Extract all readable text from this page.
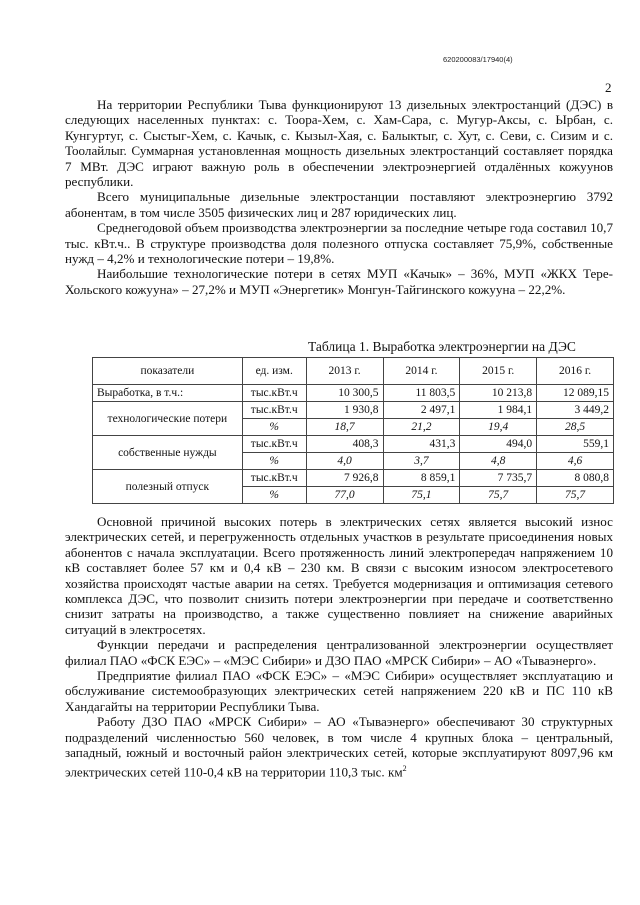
620200083/17940(4)
2

На территории Республики Тыва функционируют 13 дизельных электростанций (ДЭС) в следующих населенных пунктах: с. Тоора-Хем, с. Хам-Сара, с. Мугур-Аксы, с. Ырбан, с. Кунгуртуг, с. Сыстыг-Хем, с. Качык, с. Кызыл-Хая, с. Балыктыг, с. Хут, с. Севи, с. Сизим и с. Тоолайлыг. Суммарная установленная мощность дизельных электростанций составляет порядка 7 МВт. ДЭС играют важную роль в обеспечении электроэнергией отдалённых кожуунов республики.

Всего муниципальные дизельные электростанции поставляют электроэнергию 3792 абонентам, в том числе 3505 физических лиц и 287 юридических лиц.

Среднегодовой объем производства электроэнергии за последние четыре года составил 10,7 тыс. кВт.ч.. В структуре производства доля полезного отпуска составляет 75,9%, собственные нужд – 4,2% и технологические потери – 19,8%.

Наибольшие технологические потери в сетях МУП «Качык» – 36%, МУП «ЖКХ Тере-Хольского кожууна» – 27,2% и МУП «Энергетик» Монгун-Тайгинского кожууна – 22,2%.

Таблица 1. Выработка электроэнергии на ДЭС
показатели	ед. изм.	2013 г.	2014 г.	2015 г.	2016 г.
Выработка, в т.ч.:	тыс.кВт.ч	10 300,5	11 803,5	10 213,8	12 089,15
технологические потери	тыс.кВт.ч	1 930,8	2 497,1	1 984,1	3 449,2
	%	18,7	21,2	19,4	28,5
собственные нужды	тыс.кВт.ч	408,3	431,3	494,0	559,1
	%	4,0	3,7	4,8	4,6
полезный отпуск	тыс.кВт.ч	7 926,8	8 859,1	7 735,7	8 080,8
	%	77,0	75,1	75,7	75,7

Основной причиной высоких потерь в электрических сетях является высокий износ электрических сетей, и перегруженность отдельных участков в результате присоединения новых абонентов с начала эксплуатации. Всего протяженность линий электропередач напряжением 10 кВ составляет более 57 км и 0,4 кВ – 230 км. В связи с высоким износом электросетевого хозяйства происходят частые аварии на сетях. Требуется модернизация и оптимизация сетевого комплекса ДЭС, что позволит снизить потери электроэнергии при передаче и соответственно снизит затраты на производство, а также существенно повлияет на снижение аварийных ситуаций в электросетях.

Функции передачи и распределения централизованной электроэнергии осуществляет филиал ПАО «ФСК ЕЭС» – «МЭС Сибири» и ДЗО ПАО «МРСК Сибири» – АО «Тываэнерго».

Предприятие филиал ПАО «ФСК ЕЭС» – «МЭС Сибири» осуществляет эксплуатацию и обслуживание системообразующих электрических сетей напряжением 220 кВ и ПС 110 кВ Хандагайты на территории Республики Тыва.

Работу ДЗО ПАО «МРСК Сибири» – АО «Тываэнерго» обеспечивают 30 структурных подразделений численностью 560 человек, в том числе 4 крупных блока – центральный, западный, южный и восточный район электрических сетей, которые эксплуатируют 8097,96 км электрических сетей 110-0,4 кВ на территории 110,3 тыс. $км^2$
